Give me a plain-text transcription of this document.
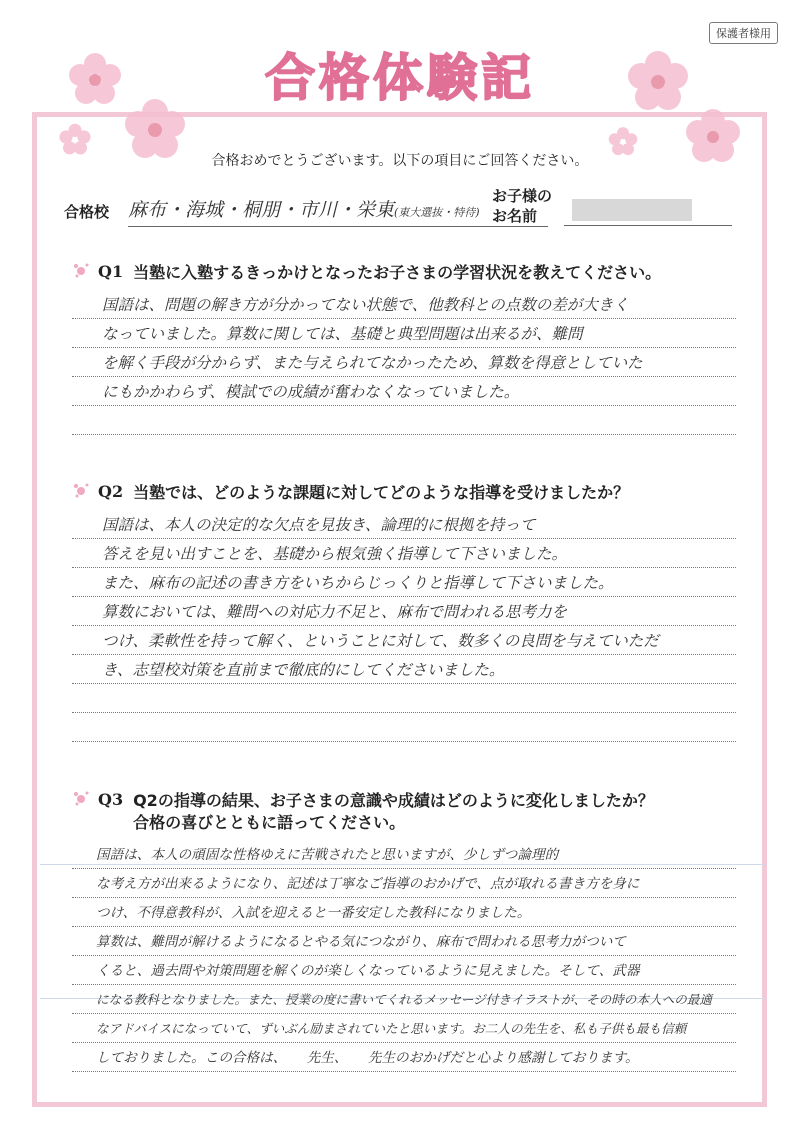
保護者様用
合格体験記
合格おめでとうございます。以下の項目にご回答ください。
合格校 麻布・海城・桐朋・市川・栄東(東大選抜・特待)
お子様の
お名前
Q1 当塾に入塾するきっかけとなったお子さまの学習状況を教えてください。
国語は、問題の解き方が分かってない状態で、他教科との点数の差が大きく
なっていました。算数に関しては、基礎と典型問題は出来るが、難問
を解く手段が分からず、また与えられてなかったため、算数を得意としていた
にもかかわらず、模試での成績が奮わなくなっていました。
Q2 当塾では、どのような課題に対してどのような指導を受けましたか？
国語は、本人の決定的な欠点を見抜き、論理的に根拠を持って
答えを見い出すことを、基礎から根気強く指導して下さいました。
また、麻布の記述の書き方をいちからじっくりと指導して下さいました。
算数においては、難問への対応力不足と、麻布で問われる思考力を
つけ、柔軟性を持って解く、ということに対して、数多くの良問を与えていただ
き、志望校対策を直前まで徹底的にしてくださいました。
Q3 Q2の指導の結果、お子さまの意識や成績はどのように変化しましたか？
合格の喜びとともに語ってください。
国語は、本人の頑固な性格ゆえに苦戦されたと思いますが、少しずつ論理的
な考え方が出来るようになり、記述は丁寧なご指導のおかげで、点が取れる書き方を身に
つけ、不得意教科が、入試を迎えると一番安定した教科になりました。
算数は、難問が解けるようになるとやる気につながり、麻布で問われる思考力がついて
くると、過去問や対策問題を解くのが楽しくなっているように見えました。そして、武器
になる教科となりました。また、授業の度に書いてくれるメッセージ付きイラストが、その時の本人への最適
なアドバイスになっていて、ずいぶん励まされていたと思います。お二人の先生を、私も子供も最も信頼
しておりました。この合格は、　　先生、　　先生のおかげだと心より感謝しております。
